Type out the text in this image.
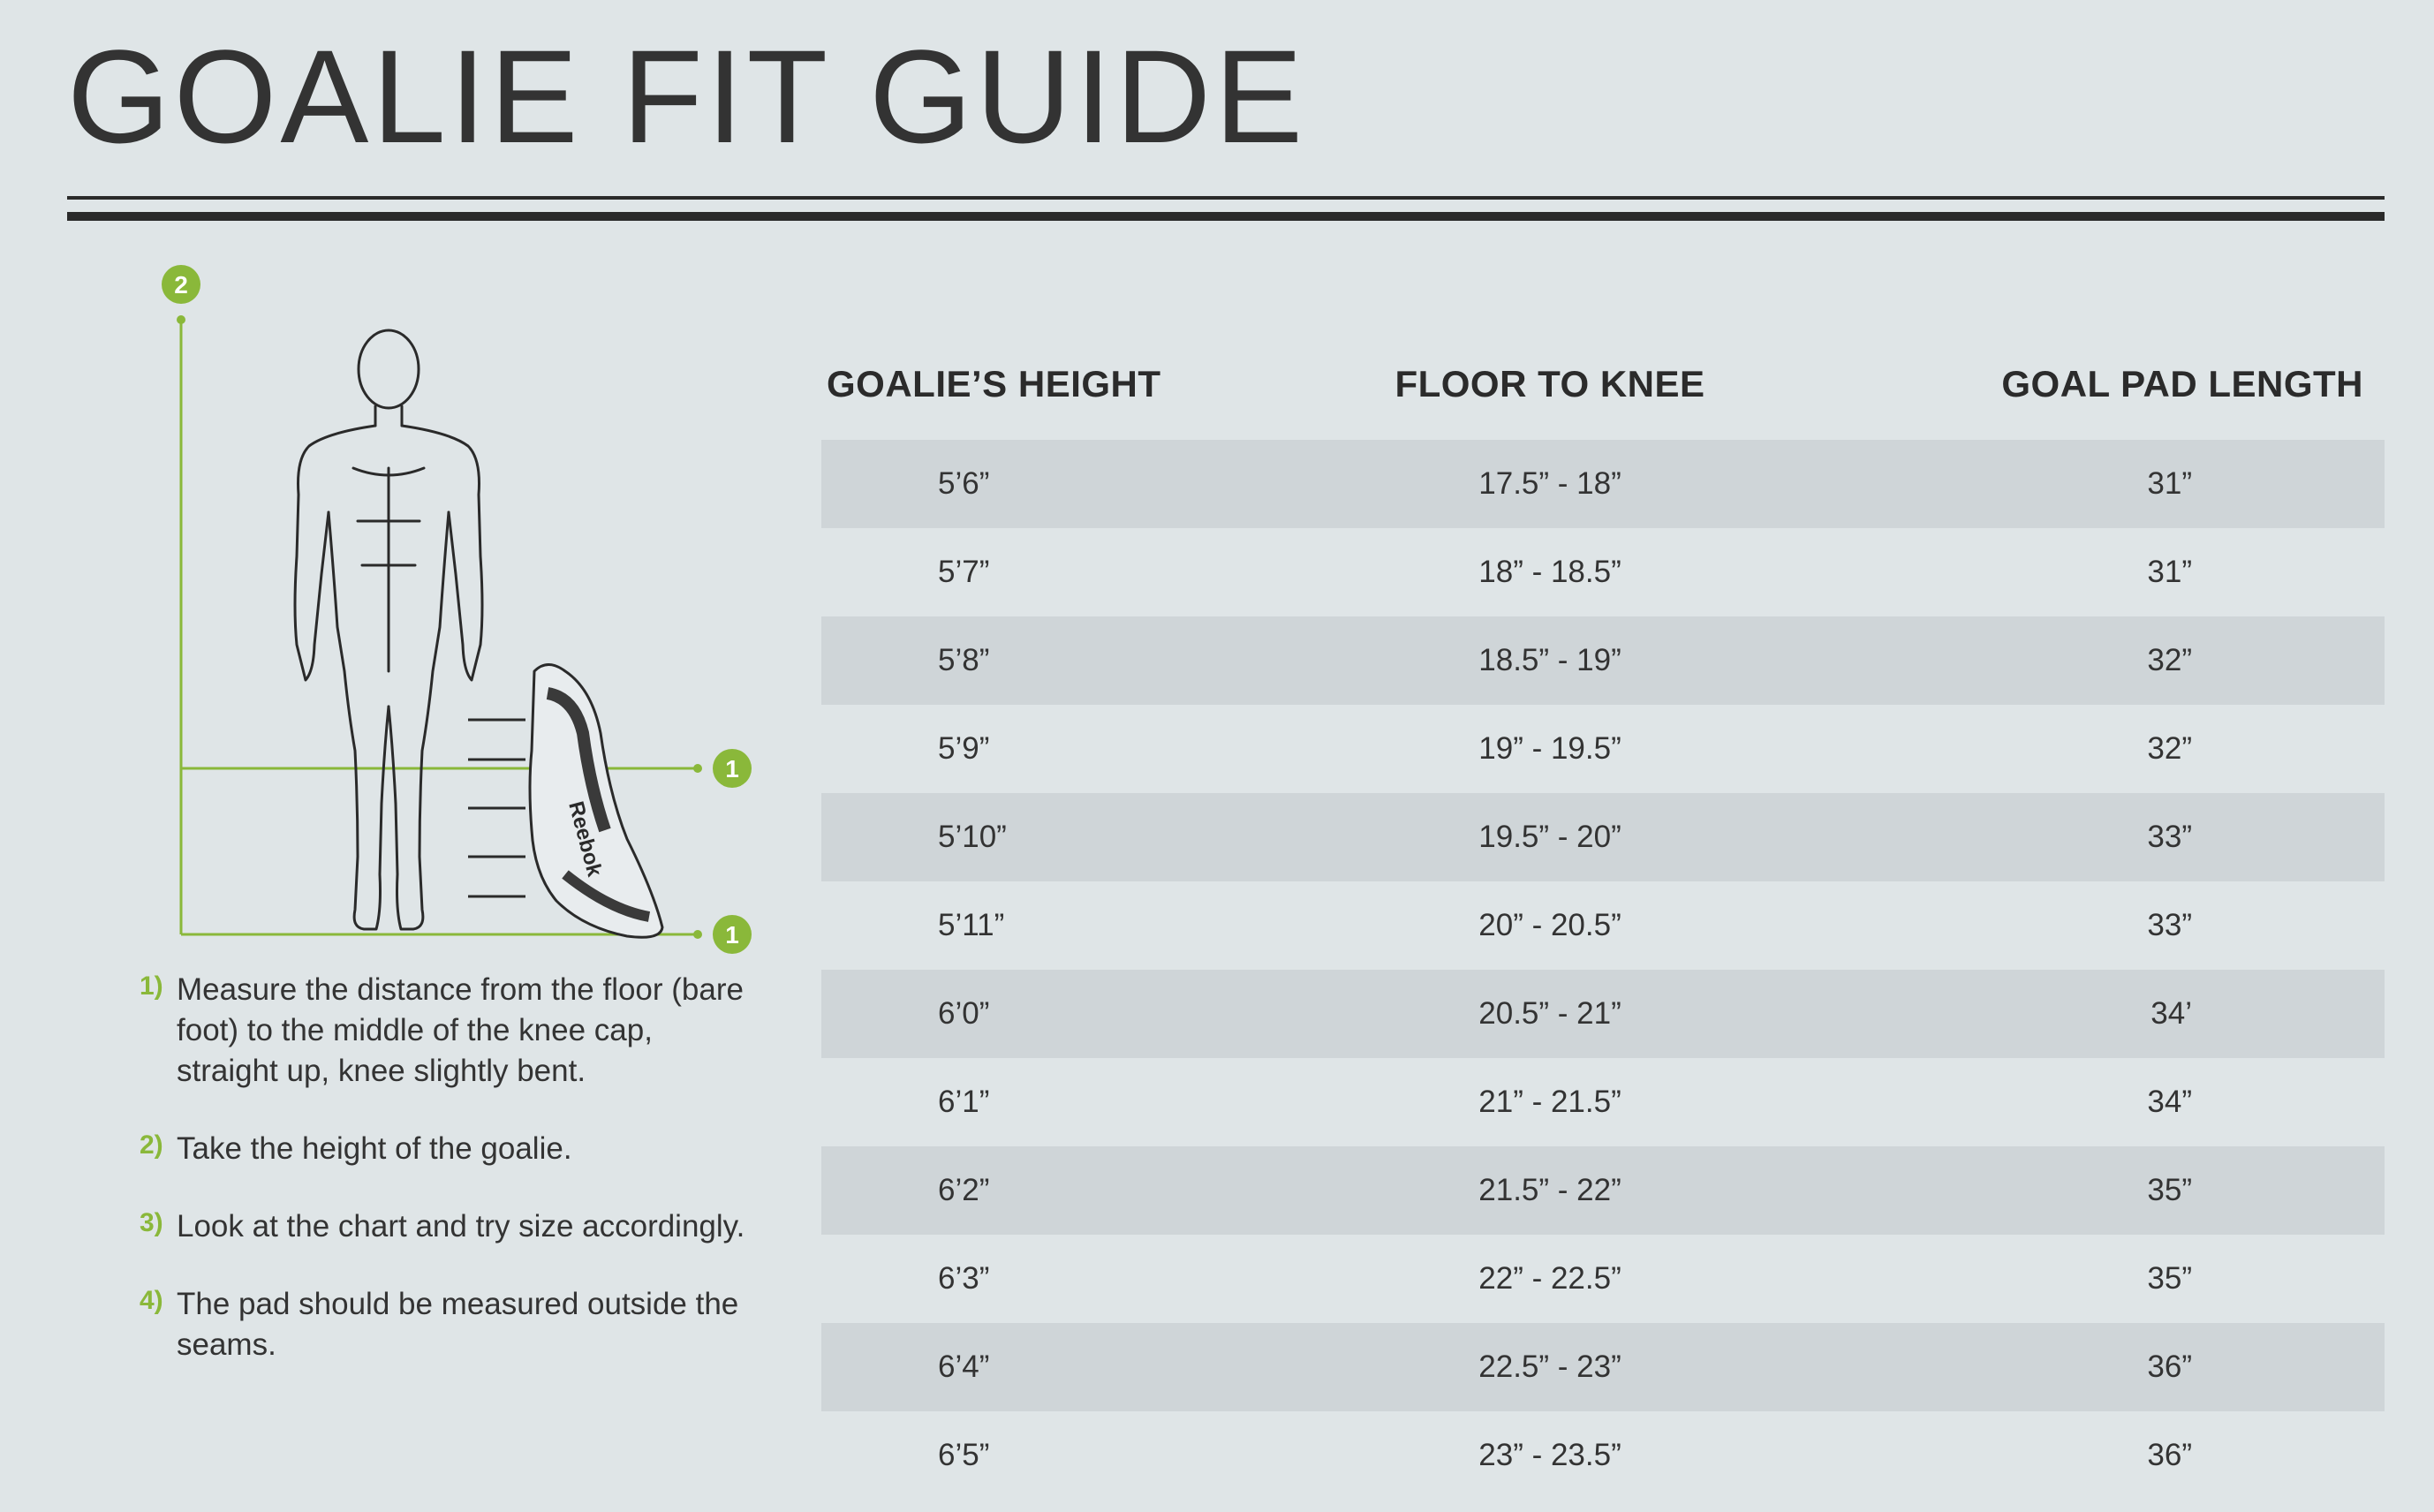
GOALIE FIT GUIDE
2
1
1
Reebok
1) Measure the distance from the floor (bare foot) to the middle of the knee cap, straight up, knee slightly bent.
2) Take the height of the goalie.
3) Look at the chart and try size accordingly.
4) The pad should be measured outside the seams.
GOALIE’S HEIGHT	FLOOR TO KNEE	GOAL PAD LENGTH
5’6”	17.5” - 18”	31”
5’7”	18” - 18.5”	31”
5’8”	18.5” - 19”	32”
5’9”	19” - 19.5”	32”
5’10”	19.5” - 20”	33”
5’11”	20” - 20.5”	33”
6’0”	20.5” - 21”	34’
6’1”	21” - 21.5”	34”
6’2”	21.5” - 22”	35”
6’3”	22” - 22.5”	35”
6’4”	22.5” - 23”	36”
6’5”	23” - 23.5”	36”
